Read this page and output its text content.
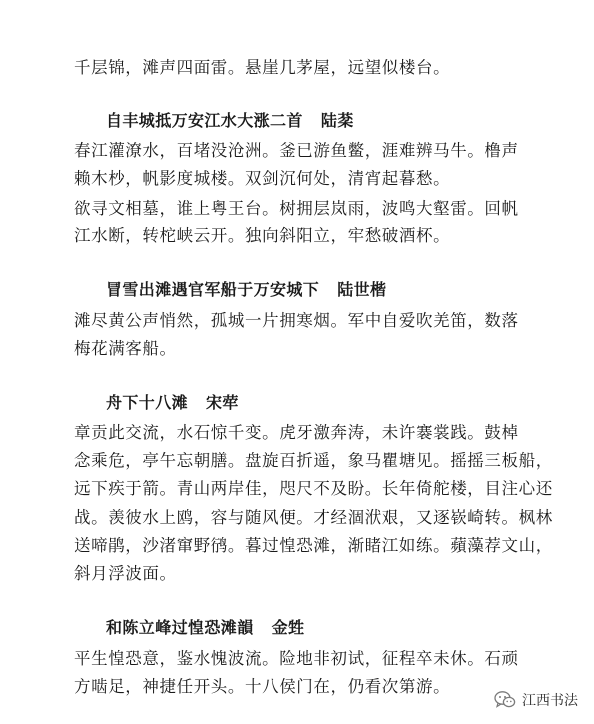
千层锦，滩声四面雷。悬崖几茅屋，远望似楼台。
自丰城抵万安江水大涨二首 陆棻
春江灌潦水，百堵没沧洲。釜已游鱼鳖，涯难辨马牛。橹声
赖木杪，帆影度城楼。双剑沉何处，清宵起暮愁。
欲寻文相墓，谁上粤王台。树拥层岚雨，波鸣大壑雷。回帆
江水断，转柁峡云开。独向斜阳立，牢愁破酒杯。
冒雪出滩遇官军船于万安城下 陆世楷
滩尽黄公声悄然，孤城一片拥寒烟。军中自爱吹羌笛，数落
梅花满客船。
舟下十八滩 宋荦
章贡此交流，水石惊千变。虎牙激奔涛，未许褰裳践。鼓棹
念乘危，亭午忘朝膳。盘旋百折遥，象马瞿塘见。摇摇三板船，
远下疾于箭。青山两岸佳，咫尺不及盼。长年倚舵楼，目注心还
战。羡彼水上鸥，容与随风便。才经涸洑艰，又逐嵚崎转。枫林
送啼鹃，沙渚窜野鸻。暮过惶恐滩，渐睹江如练。蘋藻荐文山，
斜月浮波面。
和陈立峰过惶恐滩韻 金甡
平生惶恐意，鉴水愧波流。险地非初试，征程卒未休。石顽
方啮足，神捷任开头。十八侯门在，仍看次第游。
江西书法
